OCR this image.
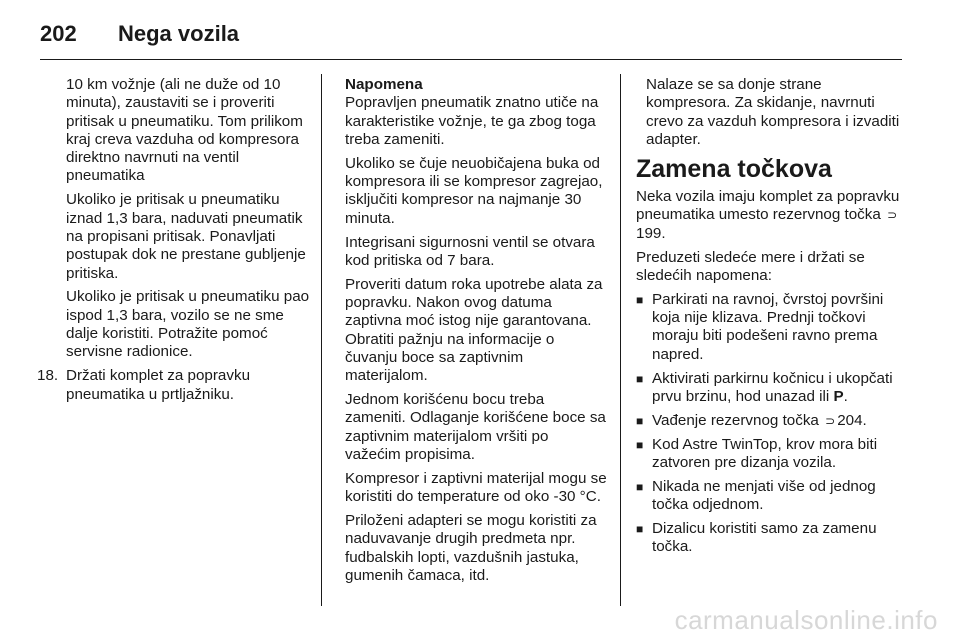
202	Nega vozila

10 km vožnje (ali ne duže od 10 minuta), zaustaviti se i proveriti pritisak u pneumatiku. Tom prilikom kraj creva vazduha od kompresora direktno navrnuti na ventil pneumatika

Ukoliko je pritisak u pneumatiku iznad 1,3 bara, naduvati pneumatik na propisani pritisak. Ponavljati postupak dok ne prestane gubljenje pritiska.

Ukoliko je pritisak u pneumatiku pao ispod 1,3 bara, vozilo se ne sme dalje koristiti. Potražite pomoć servisne radionice.

18. Držati komplet za popravku pneumatika u prtljažniku.

Napomena

Popravljen pneumatik znatno utiče na karakteristike vožnje, te ga zbog toga treba zameniti.

Ukoliko se čuje neuobičajena buka od kompresora ili se kompresor zagrejao, isključiti kompresor na najmanje 30 minuta.

Integrisani sigurnosni ventil se otvara kod pritiska od 7 bara.

Proveriti datum roka upotrebe alata za popravku. Nakon ovog datuma zaptivna moć istog nije garantovana. Obratiti pažnju na informacije o čuvanju boce sa zaptivnim materijalom.

Jednom korišćenu bocu treba zameniti. Odlaganje korišćene boce sa zaptivnim materijalom vršiti po važećim propisima.

Kompresor i zaptivni materijal mogu se koristiti do temperature od oko -30 °C.

Priloženi adapteri se mogu koristiti za naduvavanje drugih predmeta npr. fudbalskih lopti, vazdušnih jastuka, gumenih čamaca, itd.

Nalaze se sa donje strane kompresora. Za skidanje, navrnuti crevo za vazduh kompresora i izvaditi adapter.

Zamena točkova

Neka vozila imaju komplet za popravku pneumatika umesto rezervnog točka ⊃199.

Preduzeti sledeće mere i držati se sledećih napomena:

■ Parkirati na ravnoj, čvrstoj površini koja nije klizava. Prednji točkovi moraju biti podešeni ravno prema napred.
■ Aktivirati parkirnu kočnicu i ukopčati prvu brzinu, hod unazad ili P.
■ Vađenje rezervnog točka ⊃ 204.
■ Kod Astre TwinTop, krov mora biti zatvoren pre dizanja vozila.
■ Nikada ne menjati više od jednog točka odjednom.
■ Dizalicu koristiti samo za zamenu točka.
carmanualsonline.info
